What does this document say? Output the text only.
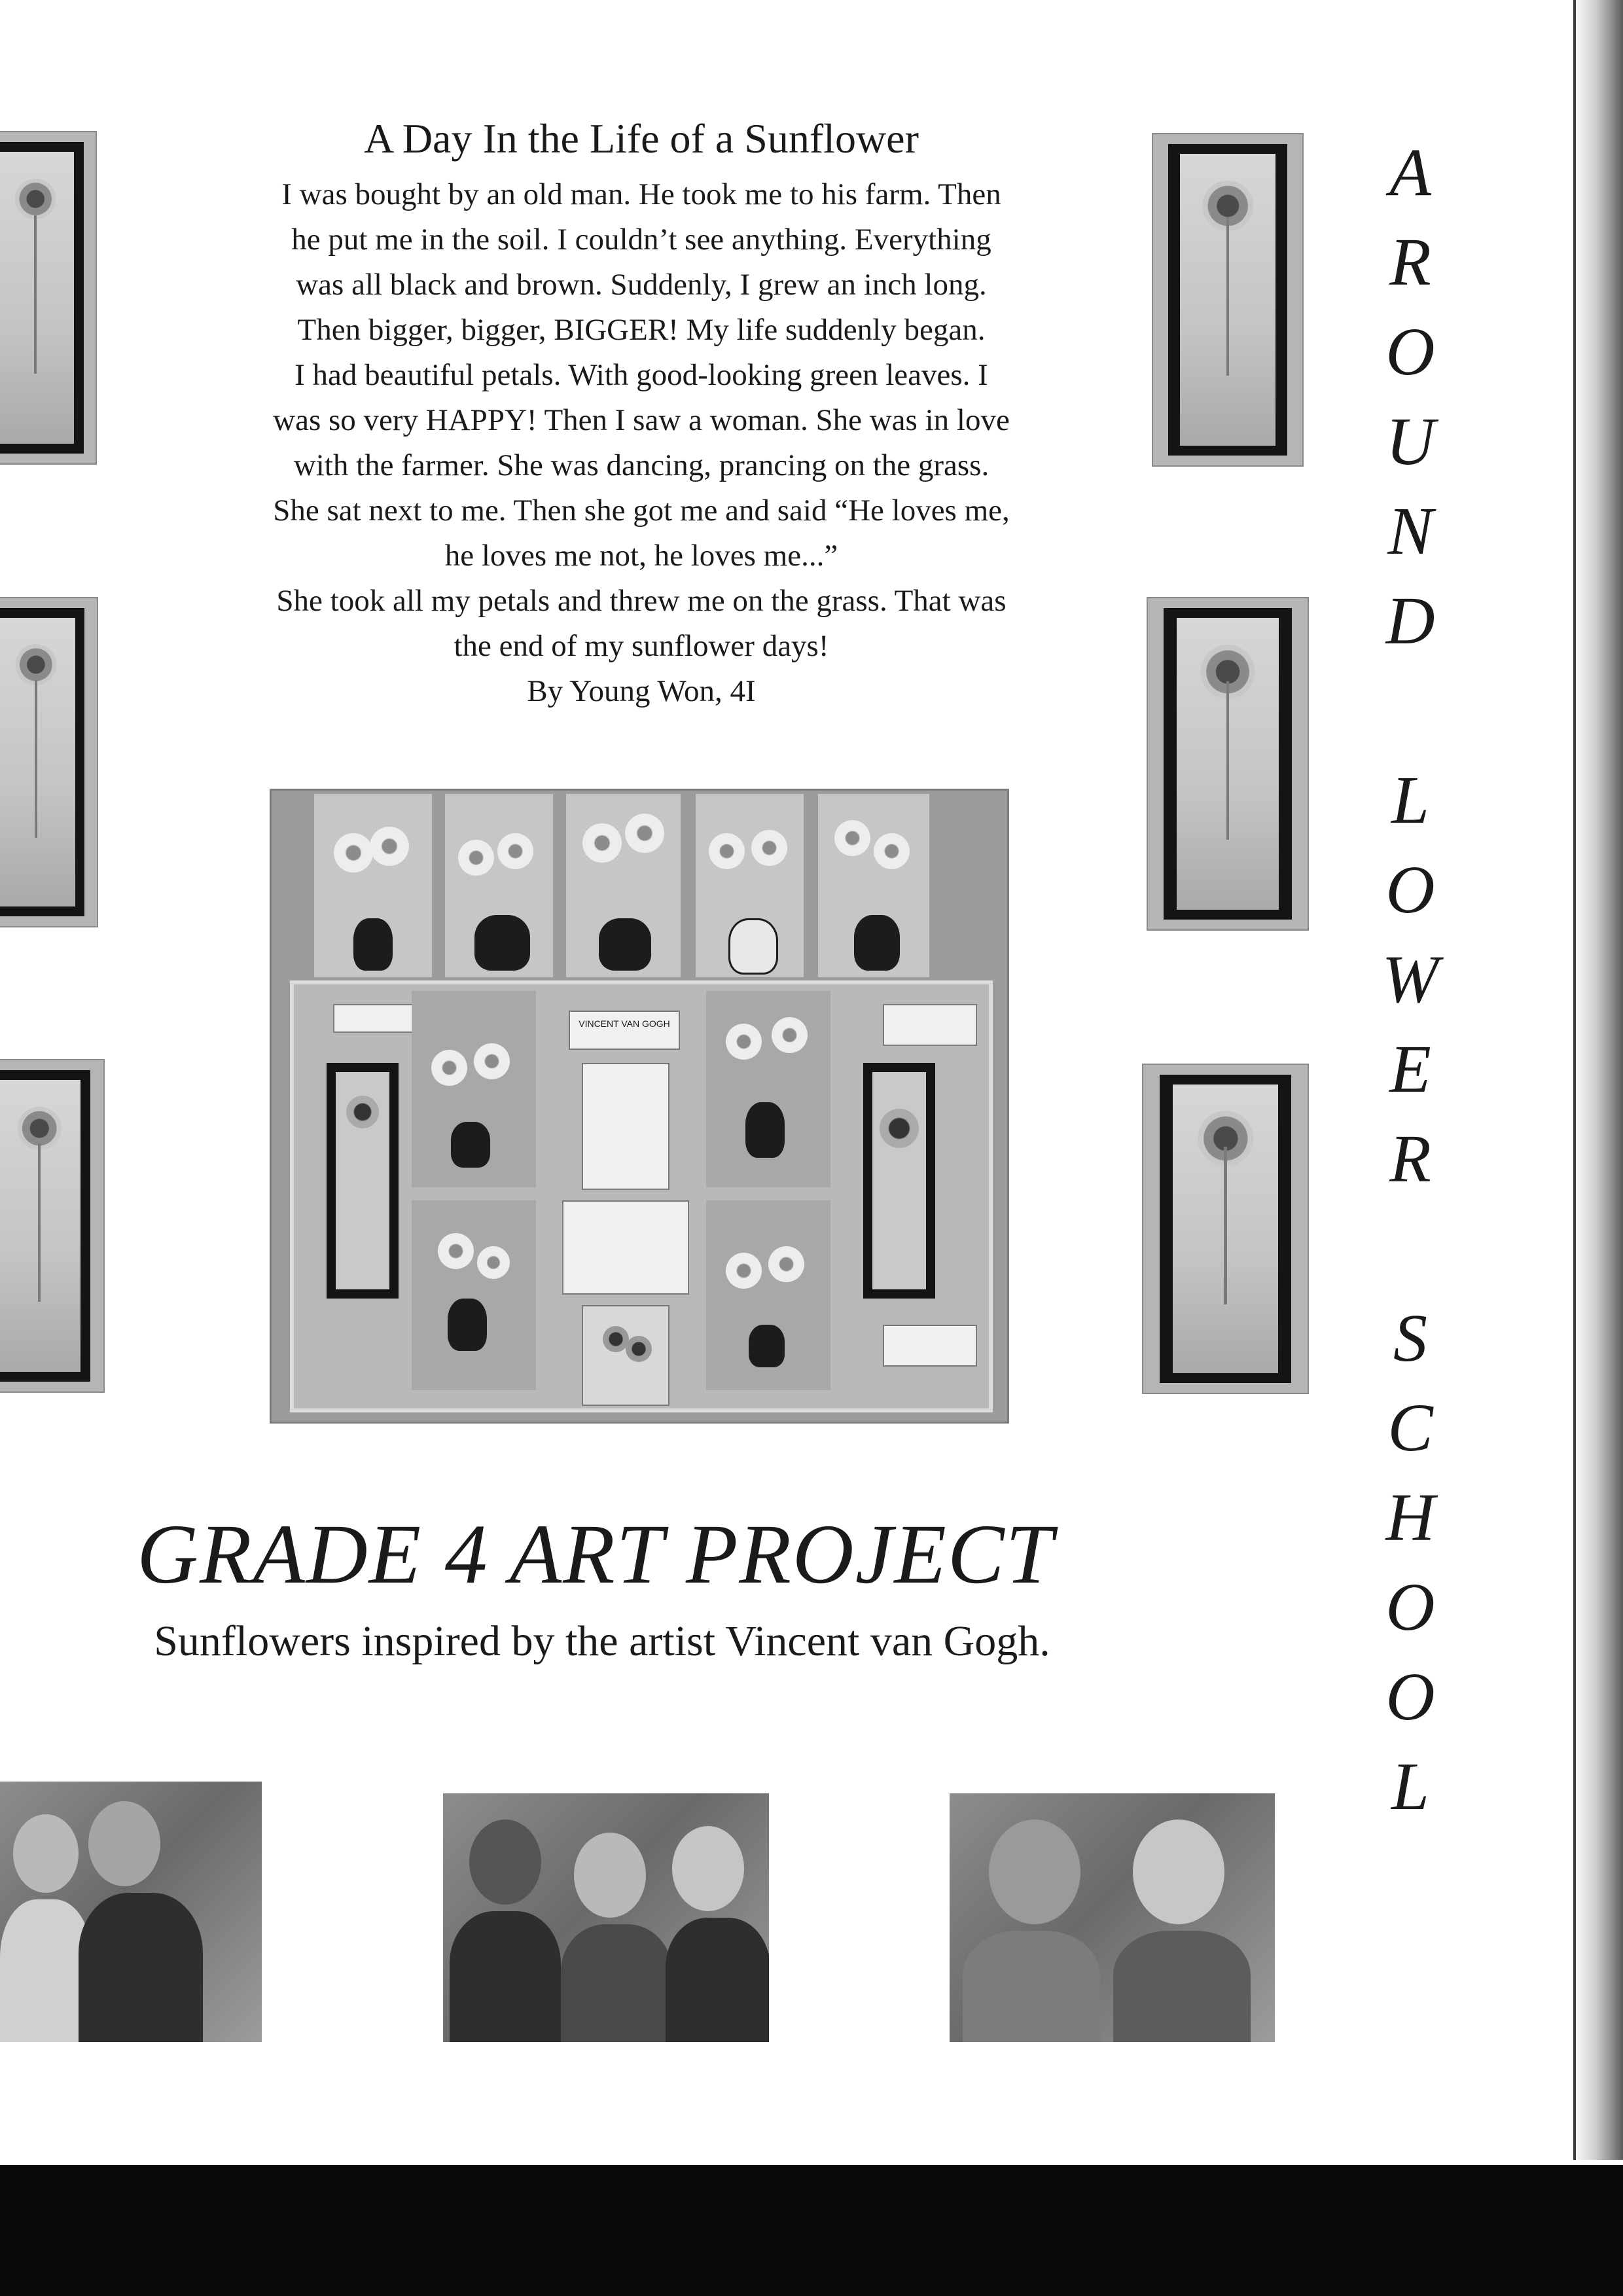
A Day In the Life of a Sunflower

I was bought by an old man. He took me to his farm. Then

he put me in the soil. I couldn’t see anything. Everything

was all black and brown. Suddenly, I grew an inch long.

Then bigger, bigger, BIGGER! My life suddenly began.

I had beautiful petals. With good-looking green leaves. I

was so very HAPPY! Then I saw a woman. She was in love

with the farmer. She was dancing, prancing on the grass.

She sat next to me. Then she got me and said “He loves me,

he loves me not, he loves me...”

She took all my petals and threw me on the grass. That was

the end of my sunflower days!

By Young Won, 4I

VINCENT VAN GOGH
GRADE 4 ART PROJECT

Sunflowers inspired by the artist Vincent van Gogh.

A
R
O
U
N
D
L
O
W
E
R
S
C
H
O
O
L
